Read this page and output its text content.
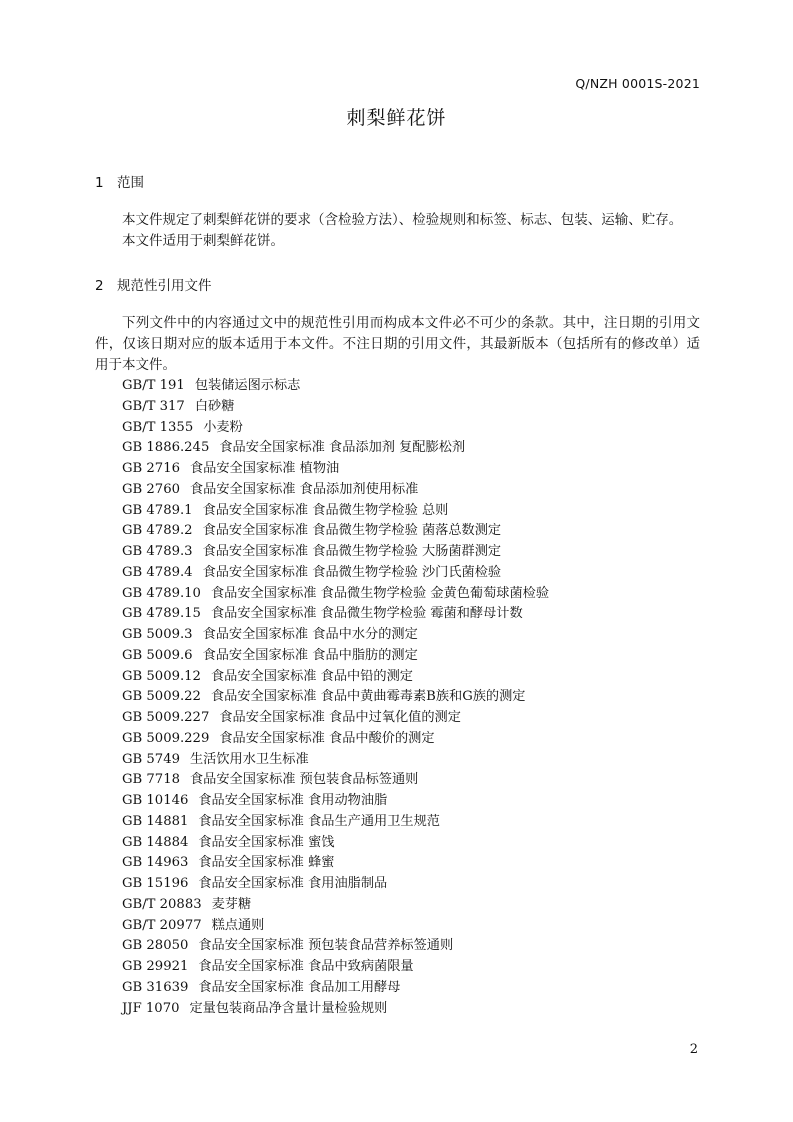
Q/NZH 0001S-2021
刺梨鲜花饼
1 范围

本文件规定了刺梨鲜花饼的要求（含检验方法）、检验规则和标签、标志、包装、运输、贮存。

本文件适用于刺梨鲜花饼。

2 规范性引用文件

下列文件中的内容通过文中的规范性引用而构成本文件必不可少的条款。其中，注日期的引用文件，仅该日期对应的版本适用于本文件。不注日期的引用文件，其最新版本（包括所有的修改单）适用于本文件。

GB/T 191 包装储运图示标志
GB/T 317 白砂糖
GB/T 1355 小麦粉
GB 1886.245 食品安全国家标准 食品添加剂 复配膨松剂
GB 2716 食品安全国家标准 植物油
GB 2760 食品安全国家标准 食品添加剂使用标准
GB 4789.1 食品安全国家标准 食品微生物学检验 总则
GB 4789.2 食品安全国家标准 食品微生物学检验 菌落总数测定
GB 4789.3 食品安全国家标准 食品微生物学检验 大肠菌群测定
GB 4789.4 食品安全国家标准 食品微生物学检验 沙门氏菌检验
GB 4789.10 食品安全国家标准 食品微生物学检验 金黄色葡萄球菌检验
GB 4789.15 食品安全国家标准 食品微生物学检验 霉菌和酵母计数
GB 5009.3 食品安全国家标准 食品中水分的测定
GB 5009.6 食品安全国家标准 食品中脂肪的测定
GB 5009.12 食品安全国家标准 食品中铅的测定
GB 5009.22 食品安全国家标准 食品中黄曲霉毒素B族和G族的测定
GB 5009.227 食品安全国家标准 食品中过氧化值的测定
GB 5009.229 食品安全国家标准 食品中酸价的测定
GB 5749 生活饮用水卫生标准
GB 7718 食品安全国家标准 预包装食品标签通则
GB 10146 食品安全国家标准 食用动物油脂
GB 14881 食品安全国家标准 食品生产通用卫生规范
GB 14884 食品安全国家标准 蜜饯
GB 14963 食品安全国家标准 蜂蜜
GB 15196 食品安全国家标准 食用油脂制品
GB/T 20883 麦芽糖
GB/T 20977 糕点通则
GB 28050 食品安全国家标准 预包装食品营养标签通则
GB 29921 食品安全国家标准 食品中致病菌限量
GB 31639 食品安全国家标准 食品加工用酵母
JJF 1070 定量包装商品净含量计量检验规则
2
